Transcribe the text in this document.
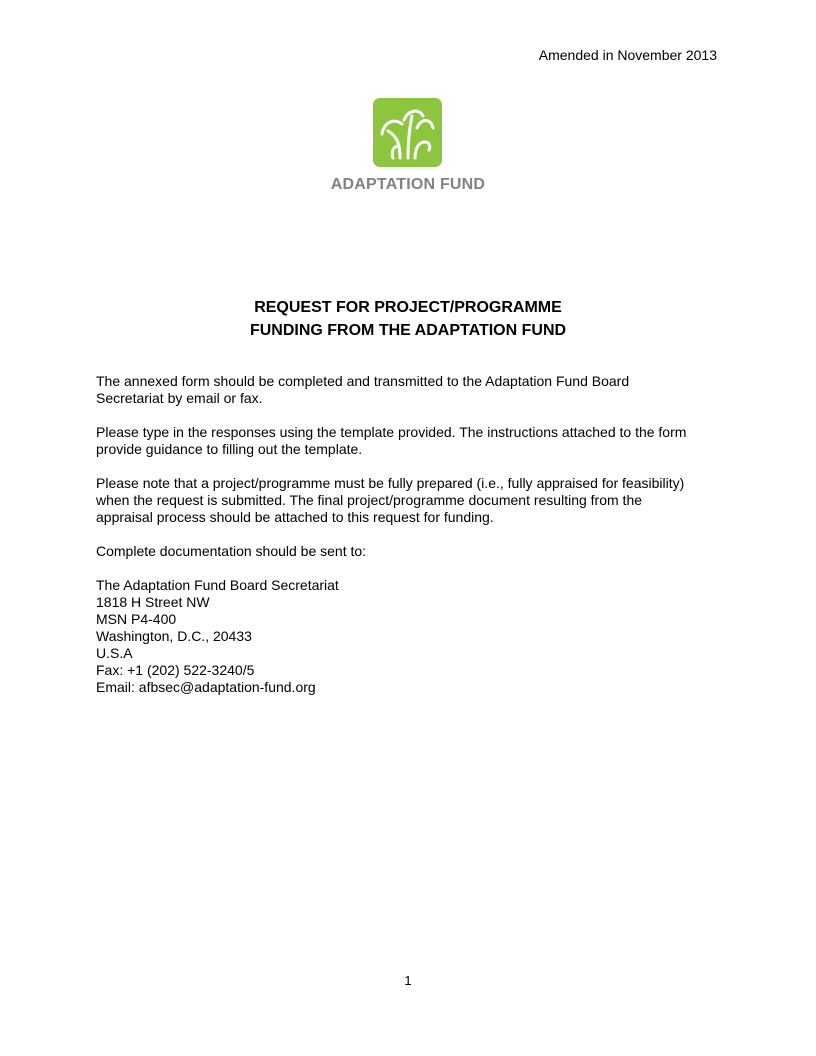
Amended in November 2013
ADAPTATION FUND
REQUEST FOR PROJECT/PROGRAMME
FUNDING FROM THE ADAPTATION FUND
The annexed form should be completed and transmitted to the Adaptation Fund Board
Secretariat by email or fax.
Please type in the responses using the template provided. The instructions attached to the form
provide guidance to filling out the template.
Please note that a project/programme must be fully prepared (i.e., fully appraised for feasibility)
when the request is submitted. The final project/programme document resulting from the
appraisal process should be attached to this request for funding.
Complete documentation should be sent to:
The Adaptation Fund Board Secretariat
1818 H Street NW
MSN P4-400
Washington, D.C., 20433
U.S.A
Fax: +1 (202) 522-3240/5
Email: afbsec@adaptation-fund.org
1
